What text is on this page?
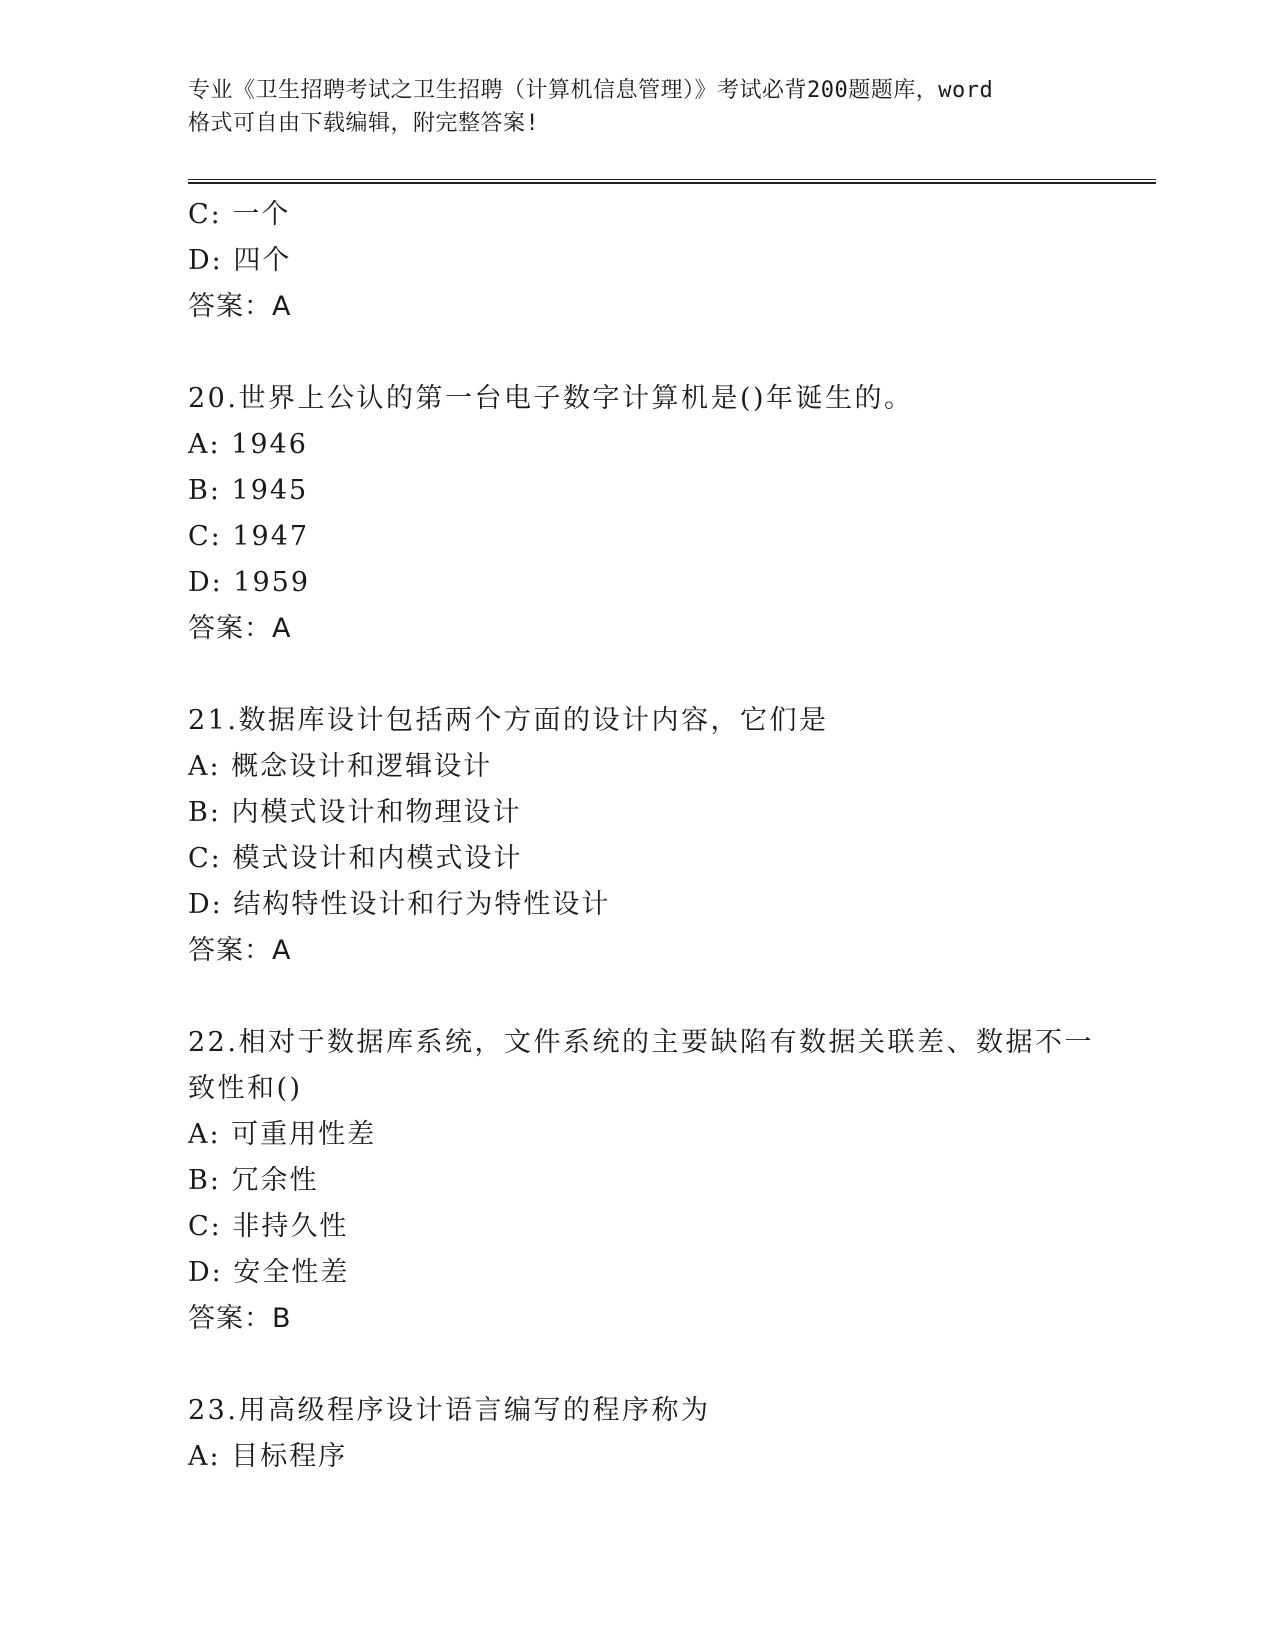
专业《卫生招聘考试之卫生招聘（计算机信息管理）》考试必背200题题库，word
格式可自由下载编辑，附完整答案!
C: 一个
D: 四个
答案：A
20.世界上公认的第一台电子数字计算机是()年诞生的。
A: 1946
B: 1945
C: 1947
D: 1959
答案：A
21.数据库设计包括两个方面的设计内容，它们是
A: 概念设计和逻辑设计
B: 内模式设计和物理设计
C: 模式设计和内模式设计
D: 结构特性设计和行为特性设计
答案：A
22.相对于数据库系统，文件系统的主要缺陷有数据关联差、数据不一
致性和()
A: 可重用性差
B: 冗余性
C: 非持久性
D: 安全性差
答案：B
23.用高级程序设计语言编写的程序称为
A: 目标程序
